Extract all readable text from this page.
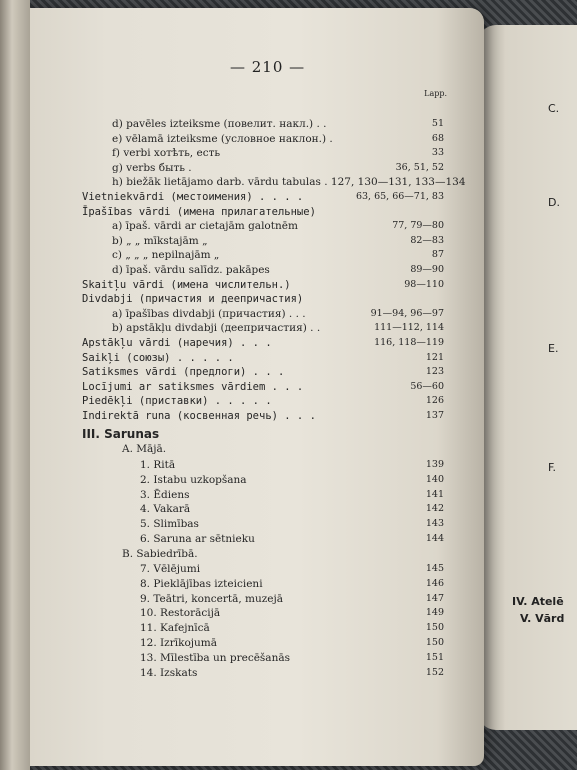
— 210 —
Lapp.
d) pavēles izteiksme (повелит. накл.) . .	51
e) vēlamā izteiksme (условное наклон.) .	68
f) verbi хотѣть, есть	33
g) verbs быть .	36, 51, 52
h) biežāk lietājamo darb. vārdu tabulas . 127, 130—131, 133—134
Vietniekvārdi (местоимения) . . . .	63, 65, 66—71, 83
Īpašības vārdi (имена прилагательные)
a) īpaš. vārdi ar cietajām galotnēm	77, 79—80
b) „ „ mīkstajām „	82—83
c) „ „ „ nepilnajām „	87
d) īpaš. vārdu salīdz. pakāpes	89—90
Skaitļu vārdi (имена числительн.)	98—110
Divdabji (причастия и деепричастия)
a) īpašības divdabji (причастия) . . .	91—94, 96—97
b) apstākļu divdabji (деепричастия) . .	111—112, 114
Apstākļu vārdi (наречия) . . .	116, 118—119
Saikļi (союзы) . . . . .	121
Satiksmes vārdi (предлоги) . . .	123
Locījumi ar satiksmes vārdiem . . .	56—60
Piedēkļi (приставки) . . . . .	126
Indirektā runa (косвенная речь) . . .	137
III. Sarunas
A. Mājā.
1. Ritā	139
2. Istabu uzkopšana	140
3. Ēdiens	141
4. Vakarā	142
5. Slimības	143
6. Saruna ar sētnieku	144
B. Sabiedrībā.
7. Vēlējumi	145
8. Pieklājības izteicieni	146
9. Teātri, koncertā, muzejā	147
10. Restorācijā	149
11. Kafejnīcā	150
12. Izrīkojumā	150
13. Mīlestība un precēšanās	151
14. Izskats	152
C.
D.
E.
F.
IV. Atelē
V. Vārd
